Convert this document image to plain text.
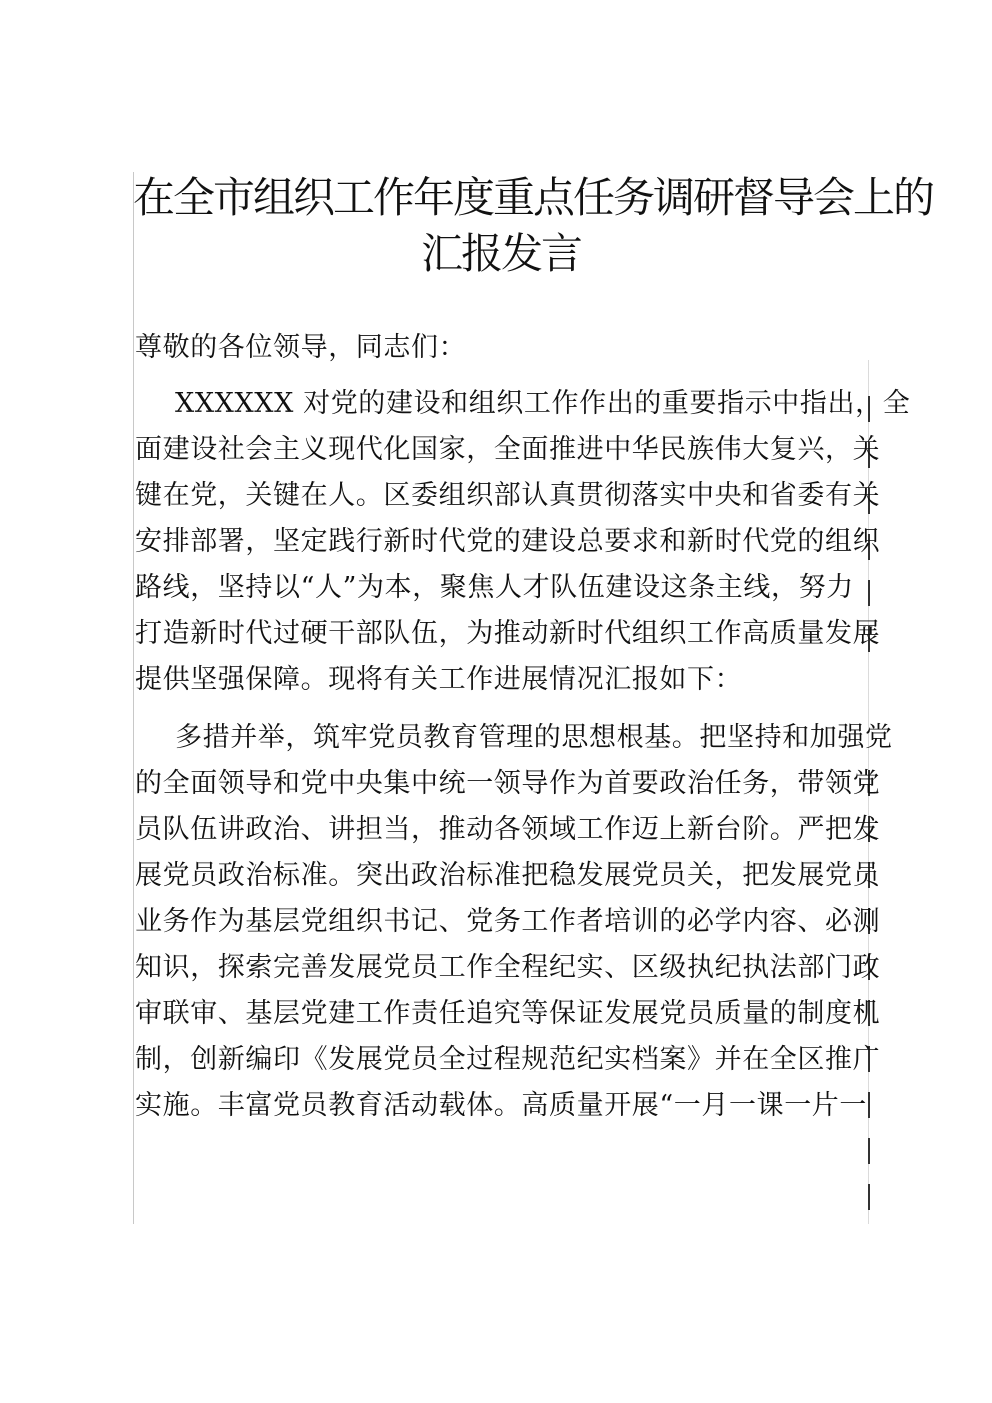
在全市组织工作年度重点任务调研督导会上的
汇报发言
尊敬的各位领导，同志们：
XXXXXX 对党的建设和组织工作作出的重要指示中指出，全
面建设社会主义现代化国家，全面推进中华民族伟大复兴，关
键在党，关键在人。区委组织部认真贯彻落实中央和省委有关
安排部署，坚定践行新时代党的建设总要求和新时代党的组织
路线，坚持以“人”为本，聚焦人才队伍建设这条主线，努力
打造新时代过硬干部队伍，为推动新时代组织工作高质量发展
提供坚强保障。现将有关工作进展情况汇报如下：
多措并举，筑牢党员教育管理的思想根基。把坚持和加强党
的全面领导和党中央集中统一领导作为首要政治任务，带领党
员队伍讲政治、讲担当，推动各领域工作迈上新台阶。严把发
展党员政治标准。突出政治标准把稳发展党员关，把发展党员
业务作为基层党组织书记、党务工作者培训的必学内容、必测
知识，探索完善发展党员工作全程纪实、区级执纪执法部门政
审联审、基层党建工作责任追究等保证发展党员质量的制度机
制，创新编印《发展党员全过程规范纪实档案》并在全区推广
实施。丰富党员教育活动载体。高质量开展“一月一课一片一
